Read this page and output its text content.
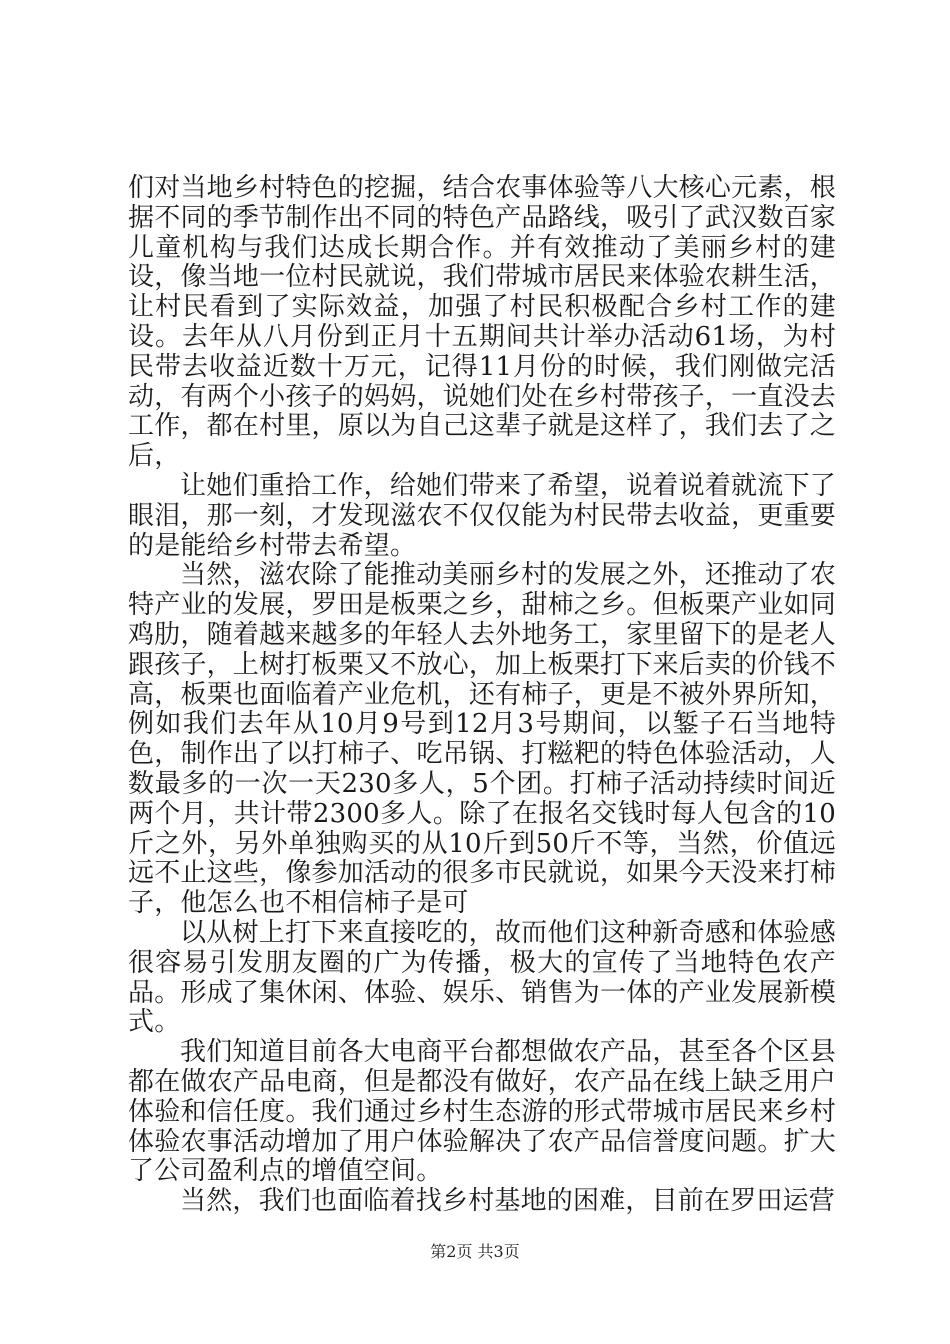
们对当地乡村特色的挖掘，结合农事体验等八大核心元素，根据不同的季节制作出不同的特色产品路线，吸引了武汉数百家儿童机构与我们达成长期合作。并有效推动了美丽乡村的建设，像当地一位村民就说，我们带城市居民来体验农耕生活，让村民看到了实际效益，加强了村民积极配合乡村工作的建设。去年从八月份到正月十五期间共计举办活动61场，为村民带去收益近数十万元，记得11月份的时候，我们刚做完活动，有两个小孩子的妈妈，说她们处在乡村带孩子，一直没去工作，都在村里，原以为自己这辈子就是这样了，我们去了之后，

让她们重拾工作，给她们带来了希望，说着说着就流下了眼泪，那一刻，才发现滋农不仅仅能为村民带去收益，更重要的是能给乡村带去希望。

当然，滋农除了能推动美丽乡村的发展之外，还推动了农特产业的发展，罗田是板栗之乡，甜柿之乡。但板栗产业如同鸡肋，随着越来越多的年轻人去外地务工，家里留下的是老人跟孩子，上树打板栗又不放心，加上板栗打下来后卖的价钱不高，板栗也面临着产业危机，还有柿子，更是不被外界所知，例如我们去年从10月9号到12月3号期间，以錾子石当地特色，制作出了以打柿子、吃吊锅、打糍粑的特色体验活动，人数最多的一次一天230多人，5个团。打柿子活动持续时间近两个月，共计带2300多人。除了在报名交钱时每人包含的10斤之外，另外单独购买的从10斤到50斤不等，当然，价值远远不止这些，像参加活动的很多市民就说，如果今天没来打柿子，他怎么也不相信柿子是可

以从树上打下来直接吃的，故而他们这种新奇感和体验感很容易引发朋友圈的广为传播，极大的宣传了当地特色农产品。形成了集休闲、体验、娱乐、销售为一体的产业发展新模式。

我们知道目前各大电商平台都想做农产品，甚至各个区县都在做农产品电商，但是都没有做好，农产品在线上缺乏用户体验和信任度。我们通过乡村生态游的形式带城市居民来乡村体验农事活动增加了用户体验解决了农产品信誉度问题。扩大了公司盈利点的增值空间。

当然，我们也面临着找乡村基地的困难，目前在罗田运营

第2页 共3页
